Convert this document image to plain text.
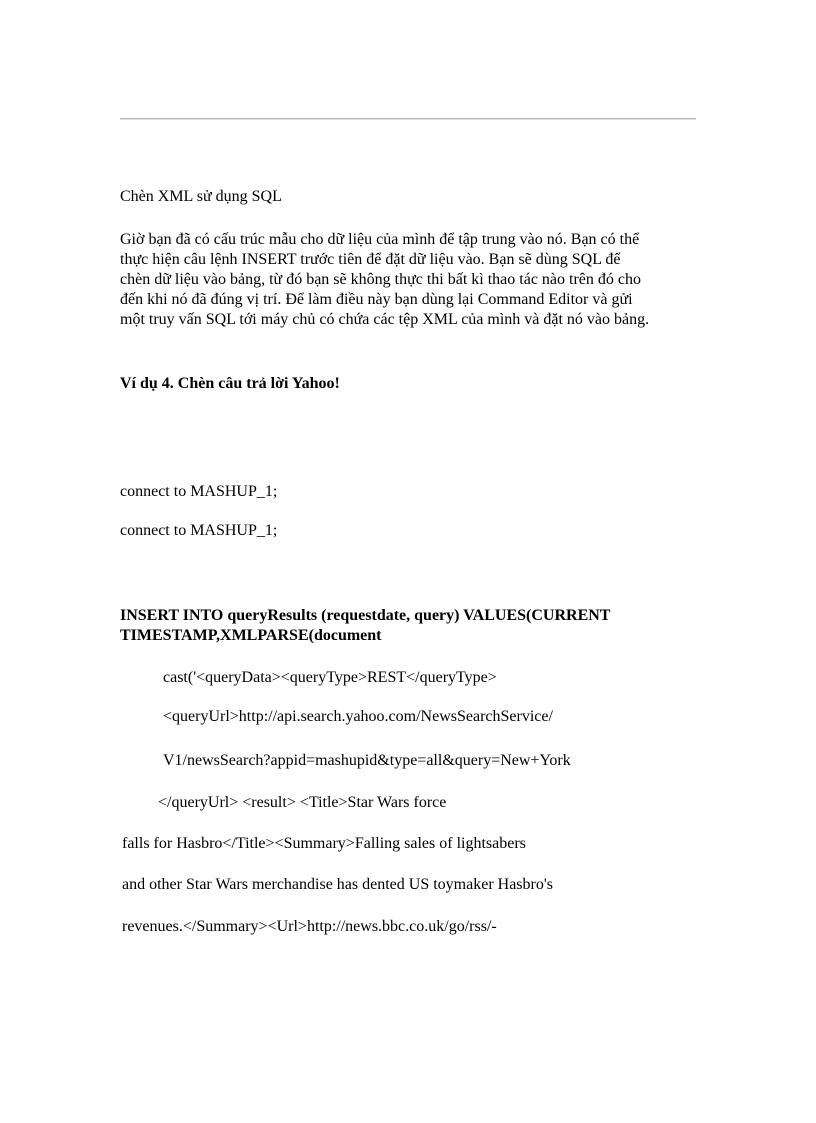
Chèn XML sử dụng SQL
Giờ bạn đã có cấu trúc mẫu cho dữ liệu của mình để tập trung vào nó. Bạn có thể
thực hiện câu lệnh INSERT trước tiên để đặt dữ liệu vào. Bạn sẽ dùng SQL để
chèn dữ liệu vào bảng, từ đó bạn sẽ không thực thi bất kì thao tác nào trên đó cho
đến khi nó đã đúng vị trí. Để làm điều này bạn dùng lại Command Editor và gửi
một truy vấn SQL tới máy chủ có chứa các tệp XML của mình và đặt nó vào bảng.
Ví dụ 4. Chèn câu trả lời Yahoo!
connect to MASHUP_1;
connect to MASHUP_1;
INSERT INTO queryResults (requestdate, query) VALUES(CURRENT
TIMESTAMP,XMLPARSE(document
cast('<queryData><queryType>REST</queryType>
<queryUrl>http://api.search.yahoo.com/NewsSearchService/
V1/newsSearch?appid=mashupid&type=all&query=New+York
</queryUrl> <result> <Title>Star Wars force
falls for Hasbro</Title><Summary>Falling sales of lightsabers
and other Star Wars merchandise has dented US toymaker Hasbro's
revenues.</Summary><Url>http://news.bbc.co.uk/go/rss/-
